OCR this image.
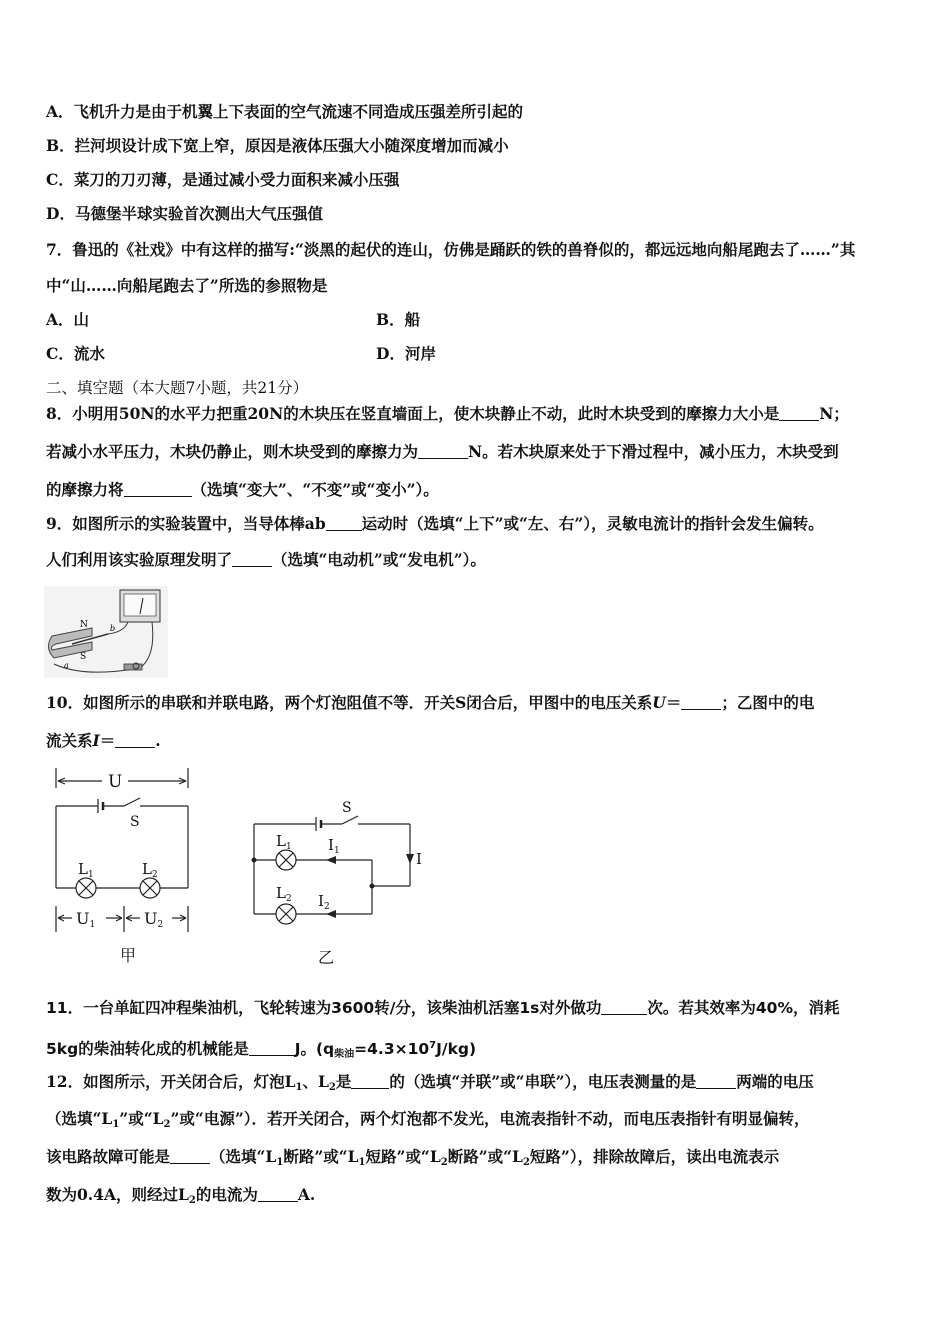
A．飞机升力是由于机翼上下表面的空气流速不同造成压强差所引起的
B．拦河坝设计成下宽上窄，原因是液体压强大小随深度增加而减小
C．菜刀的刀刃薄，是通过减小受力面积来减小压强
D．马德堡半球实验首次测出大气压强值
7．鲁迅的《社戏》中有这样的描写:“淡黑的起伏的连山，仿佛是踊跃的铁的兽脊似的，都远远地向船尾跑去了……”其
中“山……向船尾跑去了”所选的参照物是
A．山	B．船
C．流水	D．河岸
二、填空题（本大题7小题，共21分）
8．小明用50N的水平力把重20N的木块压在竖直墙面上，使木块静止不动，此时木块受到的摩擦力大小是	N；
若减小水平压力，木块仍静止，则木块受到的摩擦力为	N。若木块原来处于下滑过程中，减小压力，木块受到
的摩擦力将	（选填“变大”、“不变”或“变小”）。
9．如图所示的实验装置中，当导体棒ab 运动时（选填“上下”或“左、右”），灵敏电流计的指针会发生偏转。
人们利用该实验原理发明了	（选填“电动机”或“发电机”）。
N
S
a
b
10．如图所示的串联和并联电路，两个灯泡阻值不等．开关S闭合后，甲图中的电压关系U＝	；乙图中的电
流关系I＝	.
U
S
$L_1$	$L_2$
U1	U2
甲
S
$L_1$
$L_2$
$I_1$
$I_2$
I
乙
11．一台单缸四冲程柴油机，飞轮转速为3600转/分，该柴油机活塞1s对外做功	次。若其效率为40%，消耗
5kg的柴油转化成的机械能是	J。$(q_{柴油}=4.3\times 10^7J/kg)$
12．如图所示，开关闭合后，灯泡$L_1$、$L_2$是 的（选填“并联”或“串联”），电压表测量的是	两端的电压
（选填“$L_1$”或“$L_2$”或“电源”）．若开关闭合，两个灯泡都不发光，电流表指针不动，而电压表指针有明显偏转，
该电路故障可能是	（选填“$L_1$断路”或“$L_1$短路”或“$L_2$断路”或“$L_2$短路”），排除故障后，读出电流表示
数为0.4A，则经过$L_2$的电流为	A.
